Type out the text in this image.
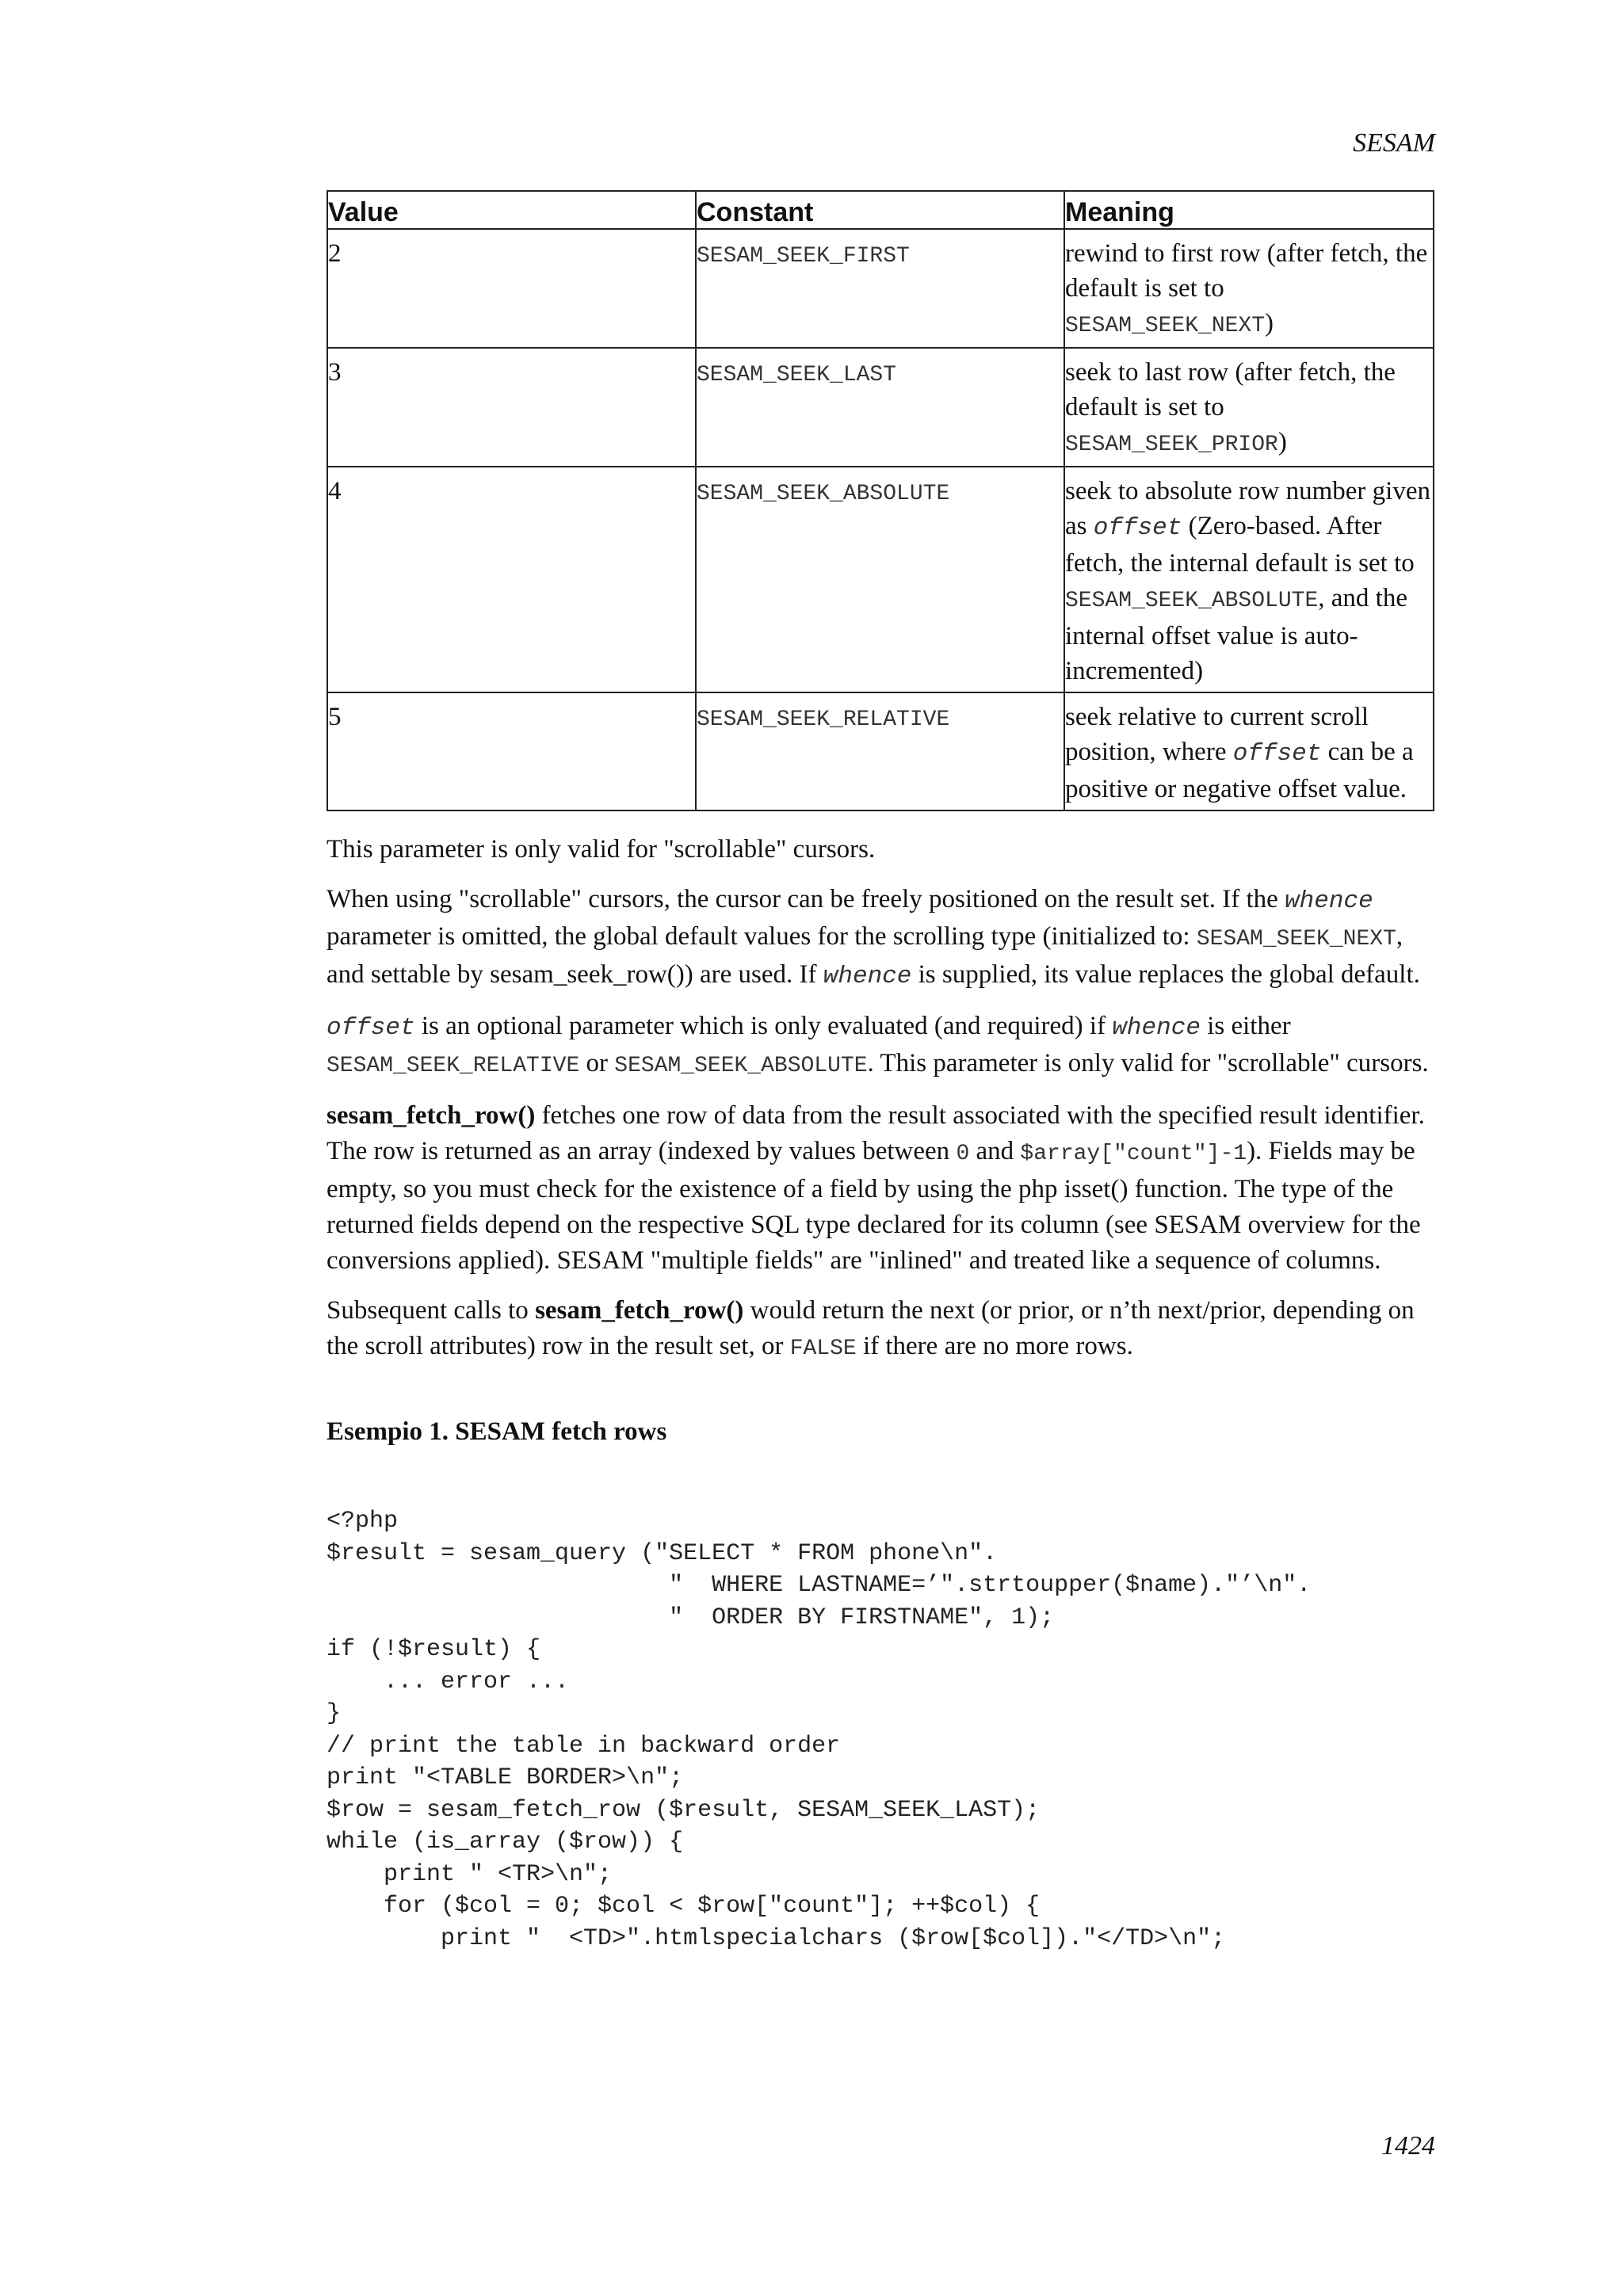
SESAM
Value	Constant	Meaning
2	SESAM_SEEK_FIRST	rewind to first row (after fetch, the default is set to SESAM_SEEK_NEXT)
3	SESAM_SEEK_LAST	seek to last row (after fetch, the default is set to SESAM_SEEK_PRIOR)
4	SESAM_SEEK_ABSOLUTE	seek to absolute row number given as offset (Zero-based. After fetch, the internal default is set to SESAM_SEEK_ABSOLUTE, and the internal offset value is auto-incremented)
5	SESAM_SEEK_RELATIVE	seek relative to current scroll position, where offset can be a positive or negative offset value.

This parameter is only valid for "scrollable" cursors.

When using "scrollable" cursors, the cursor can be freely positioned on the result set. If the whence parameter is omitted, the global default values for the scrolling type (initialized to: SESAM_SEEK_NEXT, and settable by sesam_seek_row()) are used. If whence is supplied, its value replaces the global default.

offset is an optional parameter which is only evaluated (and required) if whence is either SESAM_SEEK_RELATIVE or SESAM_SEEK_ABSOLUTE. This parameter is only valid for "scrollable" cursors.

sesam_fetch_row() fetches one row of data from the result associated with the specified result identifier. The row is returned as an array (indexed by values between 0 and $array["count"]-1). Fields may be empty, so you must check for the existence of a field by using the php isset() function. The type of the returned fields depend on the respective SQL type declared for its column (see SESAM overview for the conversions applied). SESAM "multiple fields" are "inlined" and treated like a sequence of columns.

Subsequent calls to sesam_fetch_row() would return the next (or prior, or n’th next/prior, depending on the scroll attributes) row in the result set, or FALSE if there are no more rows.

Esempio 1. SESAM fetch rows
<?php
$result = sesam_query ("SELECT * FROM phone\n".
"  WHERE LASTNAME=’".strtoupper($name)."’\n".
"  ORDER BY FIRSTNAME", 1);
if (!$result) {
... error ...
}
// print the table in backward order
print "<TABLE BORDER>\n";
$row = sesam_fetch_row ($result, SESAM_SEEK_LAST);
while (is_array ($row)) {
print " <TR>\n";
for ($col = 0; $col < $row["count"]; ++$col) {
print "  <TD>".htmlspecialchars ($row[$col])."</TD>\n";
1424
